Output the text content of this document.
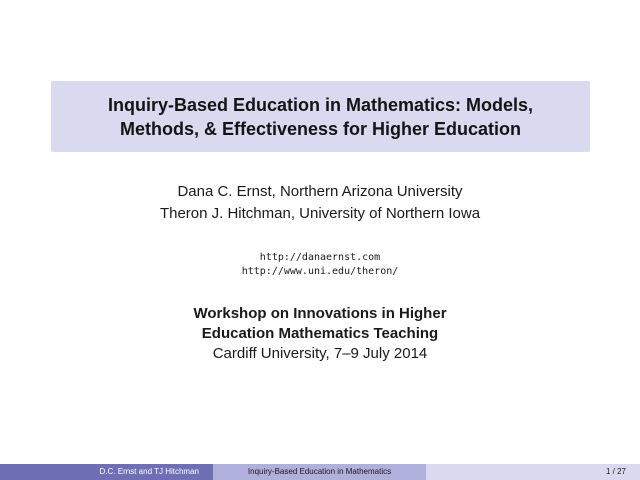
Inquiry-Based Education in Mathematics: Models,
Methods, & Effectiveness for Higher Education
Dana C. Ernst, Northern Arizona University
Theron J. Hitchman, University of Northern Iowa
http://danaernst.com
http://www.uni.edu/theron/
Workshop on Innovations in Higher
Education Mathematics Teaching
Cardiff University, 7–9 July 2014
D.C. Ernst and TJ Hitchman	Inquiry-Based Education in Mathematics	1 / 27
